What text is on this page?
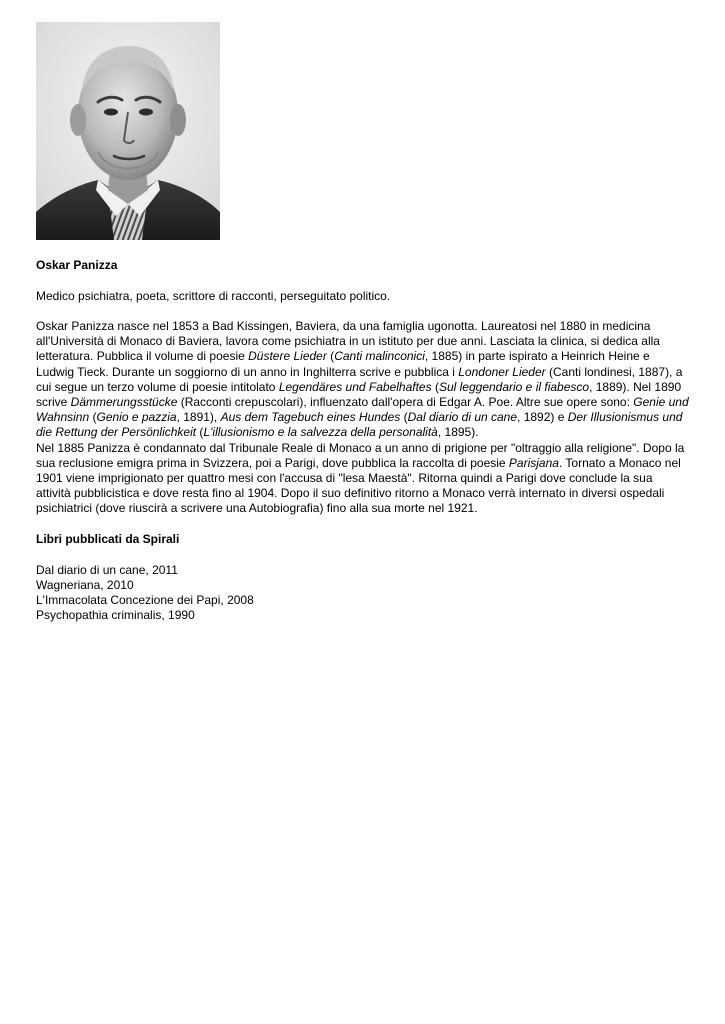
Oskar Panizza
Medico psichiatra, poeta, scrittore di racconti, perseguitato politico.
Oskar Panizza nasce nel 1853 a Bad Kissingen, Baviera, da una famiglia ugonotta. Laureatosi nel 1880 in medicina all'Università di Monaco di Baviera, lavora come psichiatra in un istituto per due anni. Lasciata la clinica, si dedica alla letteratura. Pubblica il volume di poesie Düstere Lieder (Canti malinconici, 1885) in parte ispirato a Heinrich Heine e Ludwig Tieck. Durante un soggiorno di un anno in Inghilterra scrive e pubblica i Londoner Lieder (Canti londinesi, 1887), a cui segue un terzo volume di poesie intitolato Legendäres und Fabelhaftes (Sul leggendario e il fiabesco, 1889). Nel 1890 scrive Dämmerungsstücke (Racconti crepuscolari), influenzato dall'opera di Edgar A. Poe. Altre sue opere sono: Genie und Wahnsinn (Genio e pazzia, 1891), Aus dem Tagebuch eines Hundes (Dal diario di un cane, 1892) e Der Illusionismus und die Rettung der Persönlichkeit (L'illusionismo e la salvezza della personalità, 1895).
Nel 1885 Panizza è condannato dal Tribunale Reale di Monaco a un anno di prigione per "oltraggio alla religione". Dopo la sua reclusione emigra prima in Svizzera, poi a Parigi, dove pubblica la raccolta di poesie Parisjana. Tornato a Monaco nel 1901 viene imprigionato per quattro mesi con l'accusa di "lesa Maestà". Ritorna quindi a Parigi dove conclude la sua attività pubblicistica e dove resta fino al 1904. Dopo il suo definitivo ritorno a Monaco verrà internato in diversi ospedali psichiatrici (dove riuscirà a scrivere una Autobiografia) fino alla sua morte nel 1921.
Libri pubblicati da Spirali
Dal diario di un cane, 2011
Wagneriana, 2010
L'Immacolata Concezione dei Papi, 2008
Psychopathia criminalis, 1990
